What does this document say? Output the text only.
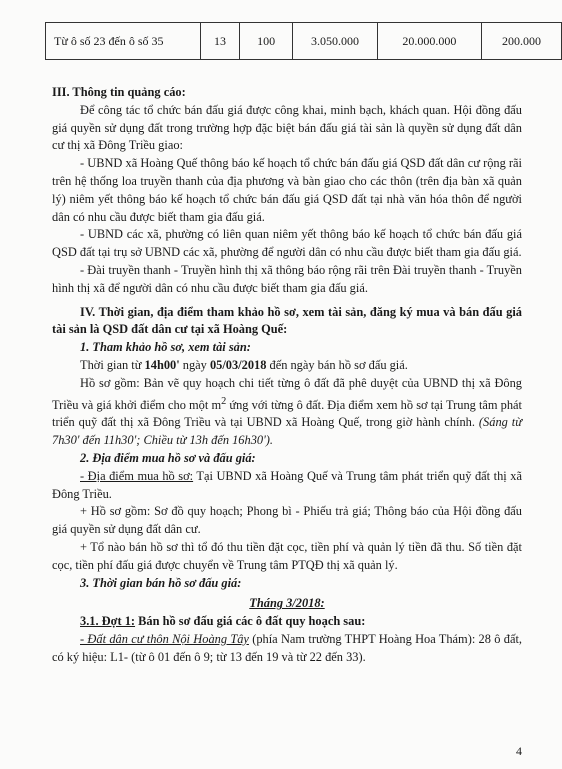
Từ ô số 23 đến ô số 35	13	100	3.050.000	20.000.000	200.000

III. Thông tin quảng cáo:

Để công tác tổ chức bán đấu giá được công khai, minh bạch, khách quan. Hội đồng đấu giá quyền sử dụng đất trong trường hợp đặc biệt bán đấu giá tài sản là quyền sử dụng đất dân cư thị xã Đông Triều giao:

- UBND xã Hoàng Quế thông báo kế hoạch tổ chức bán đấu giá QSD đất dân cư rộng rãi trên hệ thống loa truyền thanh của địa phương và bàn giao cho các thôn (trên địa bàn xã quản lý) niêm yết thông báo kế hoạch tổ chức bán đấu giá QSD đất tại nhà văn hóa thôn để người dân có nhu cầu được biết tham gia đấu giá.

- UBND các xã, phường có liên quan niêm yết thông báo kế hoạch tổ chức bán đấu giá QSD đất tại trụ sở UBND các xã, phường để người dân có nhu cầu được biết tham gia đấu giá.

- Đài truyền thanh - Truyền hình thị xã thông báo rộng rãi trên Đài truyền thanh - Truyền hình thị xã để người dân có nhu cầu được biết tham gia đấu giá.

IV. Thời gian, địa điểm tham khảo hồ sơ, xem tài sản, đăng ký mua và bán đấu giá tài sản là QSD đất dân cư tại xã Hoàng Quế:

1. Tham khảo hồ sơ, xem tài sản:

Thời gian từ 14h00' ngày 05/03/2018 đến ngày bán hồ sơ đấu giá.

Hồ sơ gồm: Bản vẽ quy hoạch chi tiết từng ô đất đã phê duyệt của UBND thị xã Đông Triều và giá khởi điểm cho một $m^2$ ứng với từng ô đất. Địa điểm xem hồ sơ tại Trung tâm phát triển quỹ đất thị xã Đông Triều và tại UBND xã Hoàng Quế, trong giờ hành chính. (Sáng từ 7h30' đến 11h30'; Chiều từ 13h đến 16h30').

2. Địa điểm mua hồ sơ và đấu giá:

- Địa điểm mua hồ sơ: Tại UBND xã Hoàng Quế và Trung tâm phát triển quỹ đất thị xã Đông Triều.

+ Hồ sơ gồm: Sơ đồ quy hoạch; Phong bì - Phiếu trả giá; Thông báo của Hội đồng đấu giá quyền sử dụng đất dân cư.

+ Tổ nào bán hồ sơ thì tổ đó thu tiền đặt cọc, tiền phí và quản lý tiền đã thu. Số tiền đặt cọc, tiền phí đấu giá được chuyển về Trung tâm PTQĐ thị xã quản lý.

3. Thời gian bán hồ sơ đấu giá:

Tháng 3/2018:

3.1. Đợt 1: Bán hồ sơ đấu giá các ô đất quy hoạch sau:

- Đất dân cư thôn Nội Hoàng Tây (phía Nam trường THPT Hoàng Hoa Thám): 28 ô đất, có ký hiệu: L1- (từ ô 01 đến ô 9; từ 13 đến 19 và từ 22 đến 33).

4
